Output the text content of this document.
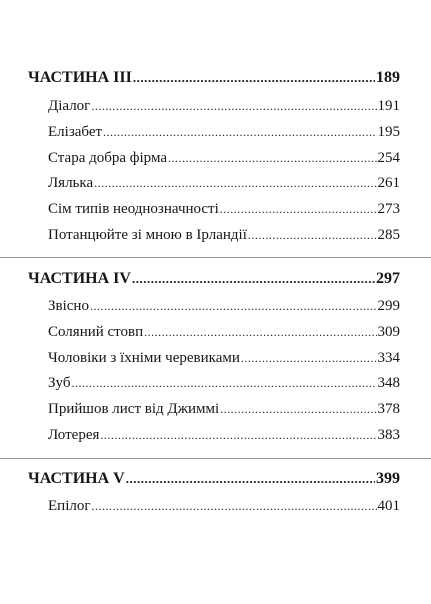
ЧАСТИНА III .....	189
Діалог .....	191
Елізабет .....	195
Стара добра фірма .....	254
Лялька .....	261
Сім типів неоднозначності .....	273
Потанцюйте зі мною в Ірландії .....	285
ЧАСТИНА IV .....	297
Звісно .....	299
Соляний стовп .....	309
Чоловіки з їхніми черевиками .....	334
Зуб .....	348
Прийшов лист від Джиммі .....	378
Лотерея .....	383
ЧАСТИНА V .....	399
Епілог .....	401
